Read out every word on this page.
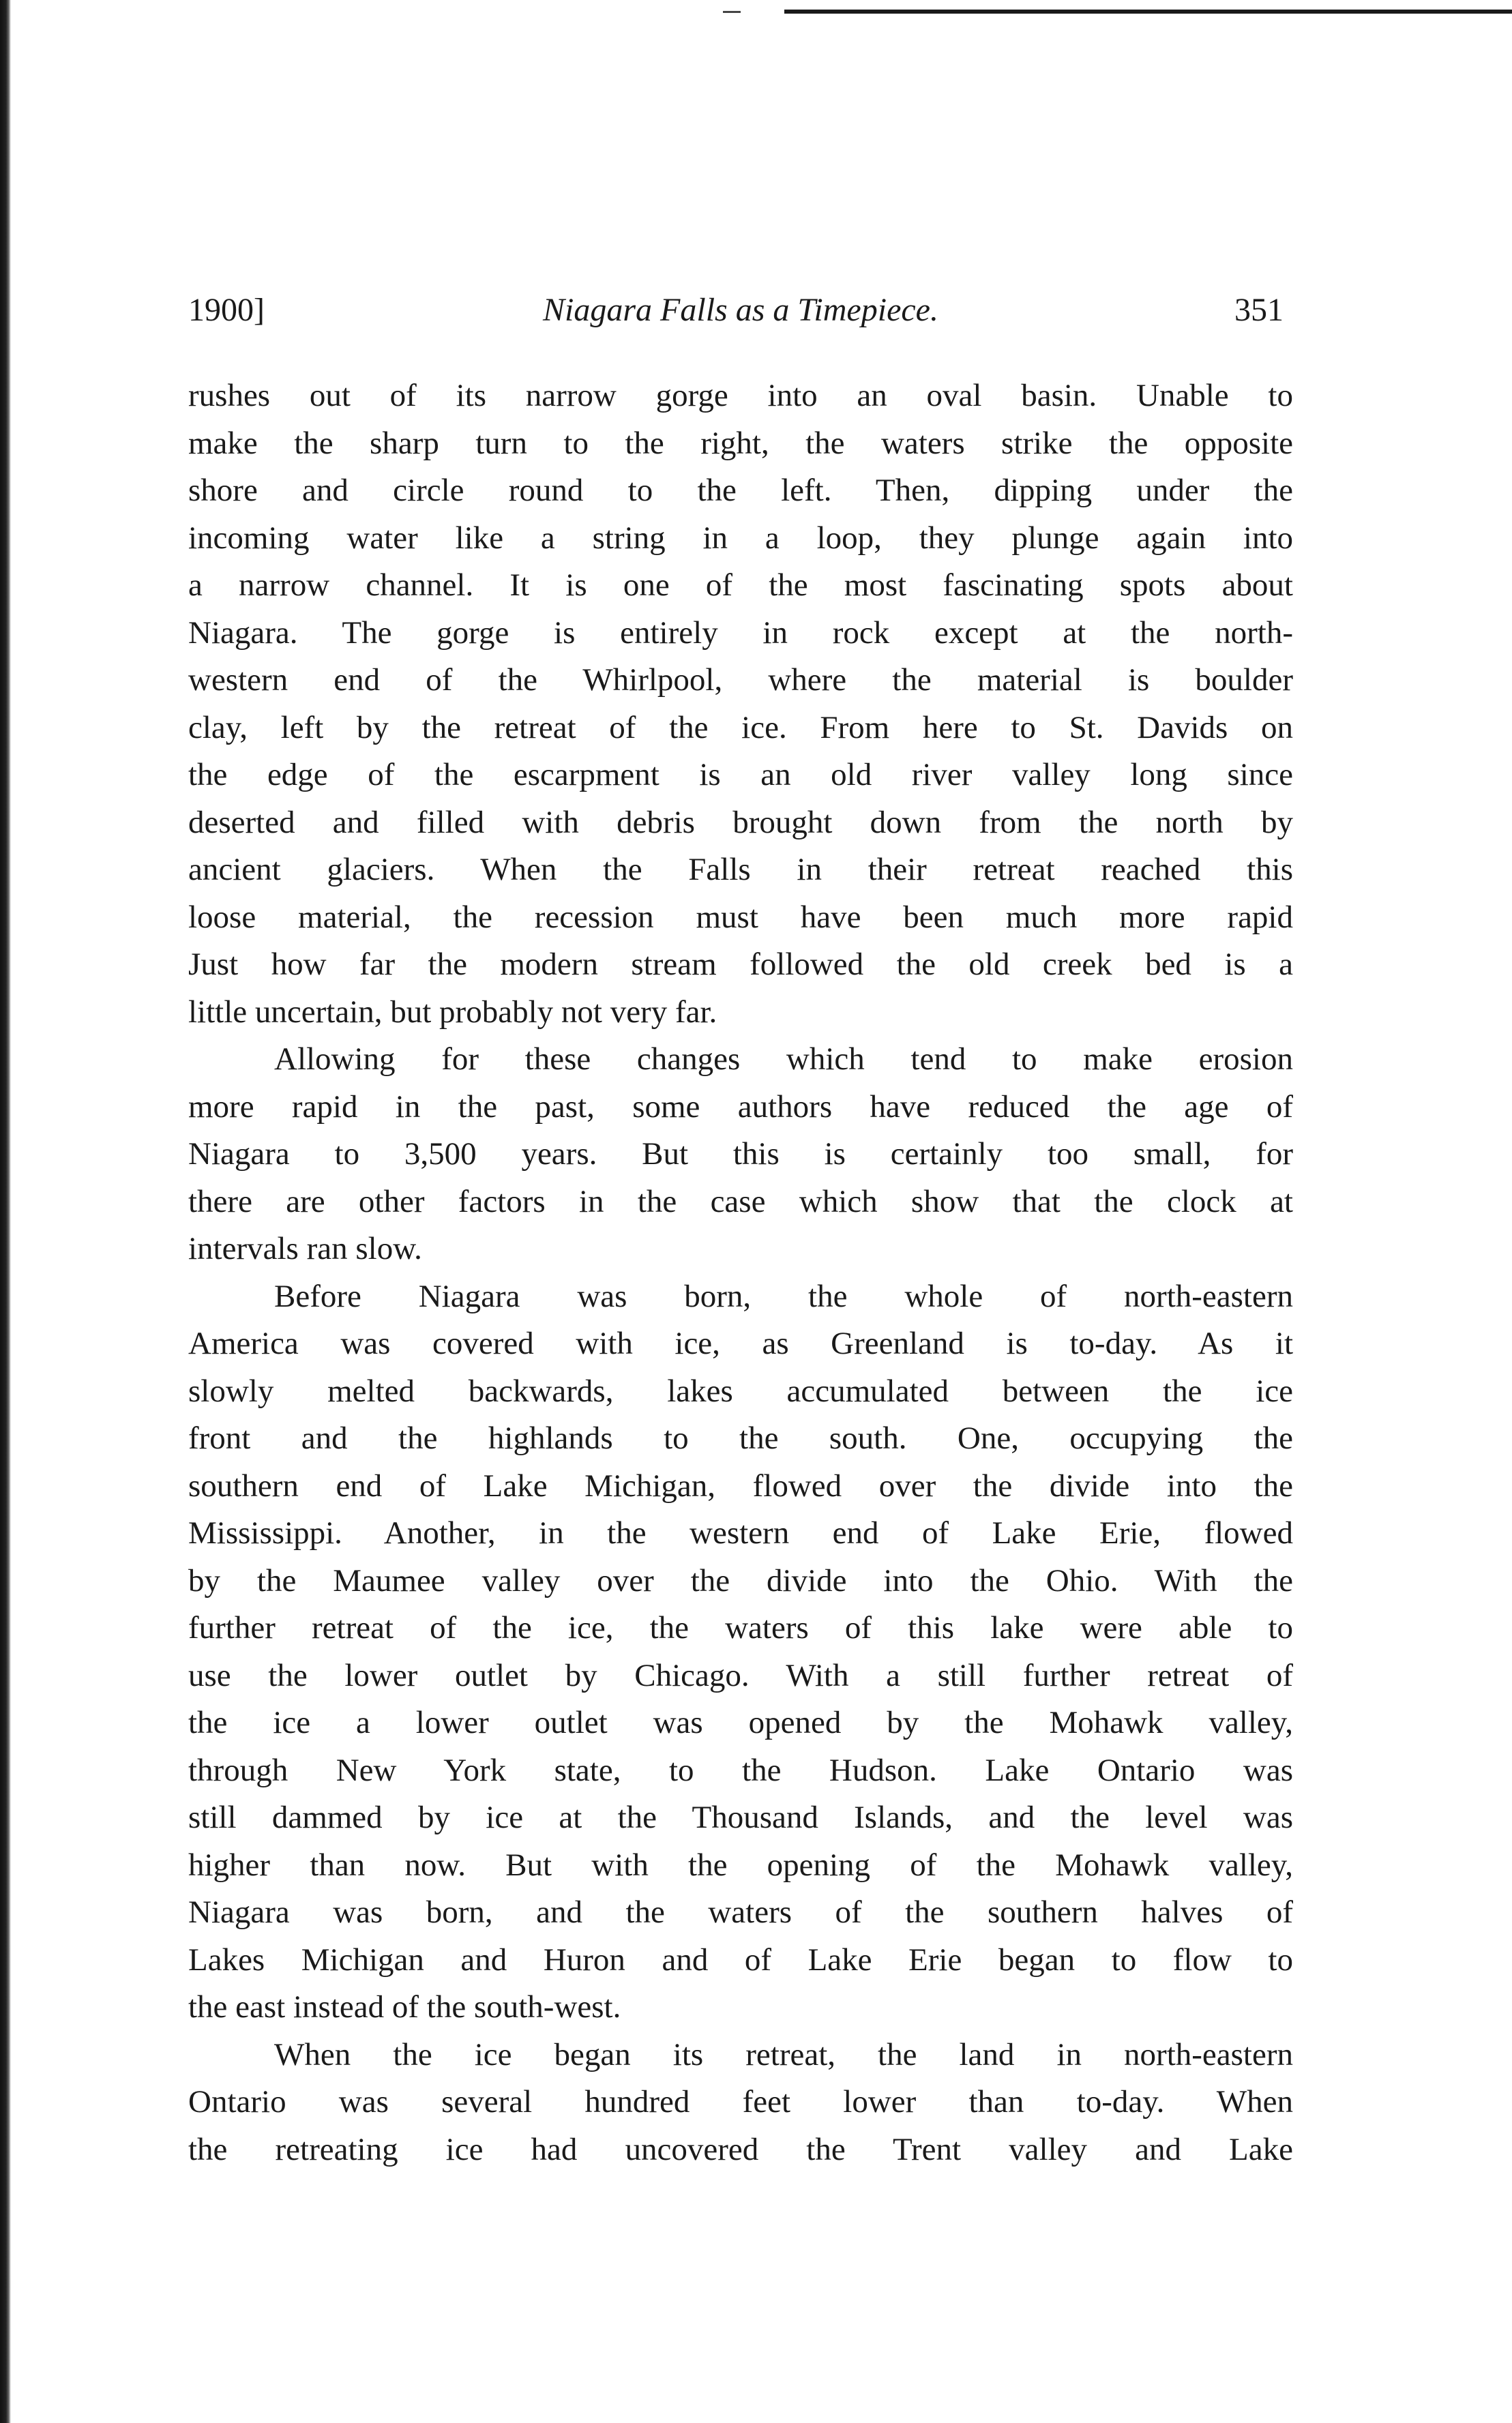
1900]	Niagara Falls as a Timepiece.	351
rushes out of its narrow gorge into an oval basin. Unable to
make the sharp turn to the right, the waters strike the opposite
shore and circle round to the left. Then, dipping under the
incoming water like a string in a loop, they plunge again into
a narrow channel. It is one of the most fascinating spots about
Niagara. The gorge is entirely in rock except at the north-
western end of the Whirlpool, where the material is boulder
clay, left by the retreat of the ice. From here to St. Davids on
the edge of the escarpment is an old river valley long since
deserted and filled with debris brought down from the north by
ancient glaciers. When the Falls in their retreat reached this
loose material, the recession must have been much more rapid
Just how far the modern stream followed the old creek bed is a
little uncertain, but probably not very far.
Allowing for these changes which tend to make erosion
more rapid in the past, some authors have reduced the age of
Niagara to 3,500 years. But this is certainly too small, for
there are other factors in the case which show that the clock at
intervals ran slow.
Before Niagara was born, the whole of north-eastern
America was covered with ice, as Greenland is to-day. As it
slowly melted backwards, lakes accumulated between the ice
front and the highlands to the south. One, occupying the
southern end of Lake Michigan, flowed over the divide into the
Mississippi. Another, in the western end of Lake Erie, flowed
by the Maumee valley over the divide into the Ohio. With the
further retreat of the ice, the waters of this lake were able to
use the lower outlet by Chicago. With a still further retreat of
the ice a lower outlet was opened by the Mohawk valley,
through New York state, to the Hudson. Lake Ontario was
still dammed by ice at the Thousand Islands, and the level was
higher than now. But with the opening of the Mohawk valley,
Niagara was born, and the waters of the southern halves of
Lakes Michigan and Huron and of Lake Erie began to flow to
the east instead of the south-west.
When the ice began its retreat, the land in north-eastern
Ontario was several hundred feet lower than to-day. When
the retreating ice had uncovered the Trent valley and Lake
